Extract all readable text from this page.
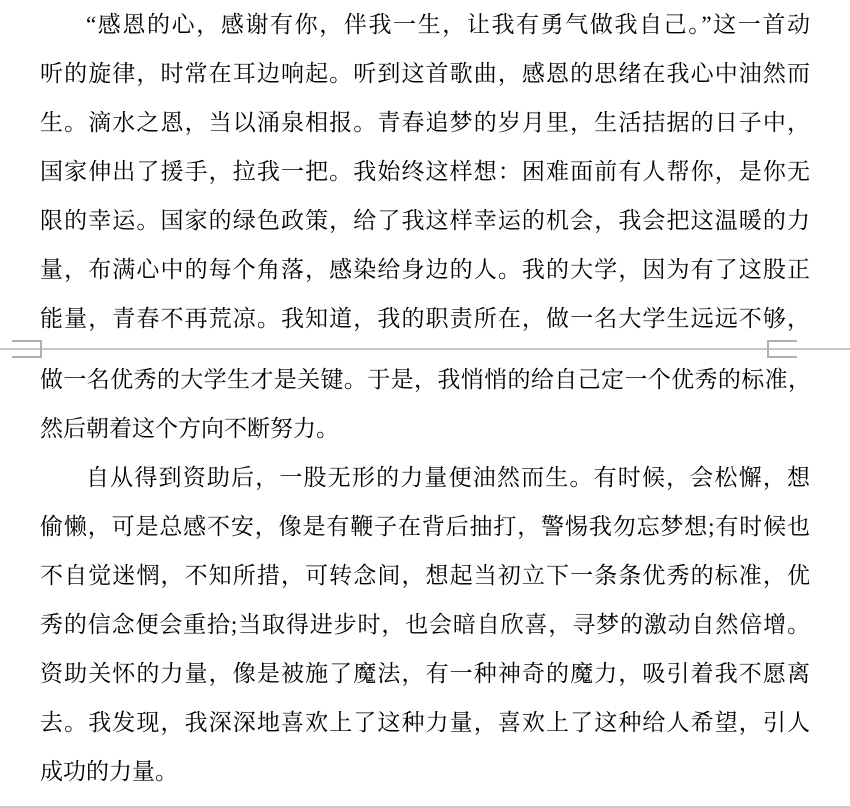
“感恩的心，感谢有你，伴我一生，让我有勇气做我自己。”这一首动
听的旋律，时常在耳边响起。听到这首歌曲，感恩的思绪在我心中油然而
生。滴水之恩，当以涌泉相报。青春追梦的岁月里，生活拮据的日子中，
国家伸出了援手，拉我一把。我始终这样想：困难面前有人帮你，是你无
限的幸运。国家的绿色政策，给了我这样幸运的机会，我会把这温暖的力
量，布满心中的每个角落，感染给身边的人。我的大学，因为有了这股正
能量，青春不再荒凉。我知道，我的职责所在，做一名大学生远远不够，
做一名优秀的大学生才是关键。于是，我悄悄的给自己定一个优秀的标准，
然后朝着这个方向不断努力。
自从得到资助后，一股无形的力量便油然而生。有时候，会松懈，想
偷懒，可是总感不安，像是有鞭子在背后抽打，警惕我勿忘梦想;有时候也
不自觉迷惘，不知所措，可转念间，想起当初立下一条条优秀的标准，优
秀的信念便会重拾;当取得进步时，也会暗自欣喜，寻梦的激动自然倍增。
资助关怀的力量，像是被施了魔法，有一种神奇的魔力，吸引着我不愿离
去。我发现，我深深地喜欢上了这种力量，喜欢上了这种给人希望，引人
成功的力量。
